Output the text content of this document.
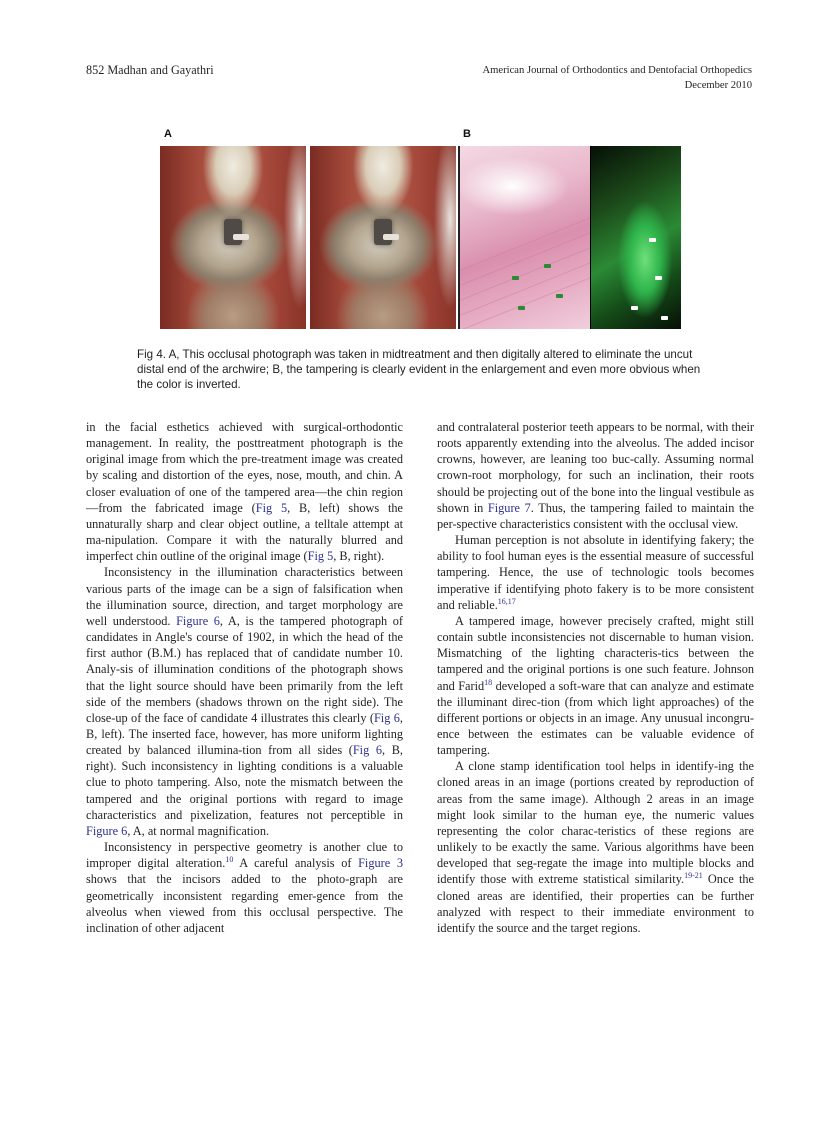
852 Madhan and Gayathri	American Journal of Orthodontics and Dentofacial Orthopedics
December 2010
A	B
Fig 4. A, This occlusal photograph was taken in midtreatment and then digitally altered to eliminate the uncut distal end of the archwire; B, the tampering is clearly evident in the enlargement and even more obvious when the color is inverted.

in the facial esthetics achieved with surgical-orthodontic management. In reality, the posttreatment photograph is the original image from which the pre-treatment image was created by scaling and distortion of the eyes, nose, mouth, and chin. A closer evaluation of one of the tampered area—the chin region—from the fabricated image (Fig 5, B, left) shows the unnaturally sharp and clear object outline, a telltale attempt at ma-nipulation. Compare it with the naturally blurred and imperfect chin outline of the original image (Fig 5, B, right).

Inconsistency in the illumination characteristics between various parts of the image can be a sign of falsification when the illumination source, direction, and target morphology are well understood. Figure 6, A, is the tampered photograph of candidates in Angle's course of 1902, in which the head of the first author (B.M.) has replaced that of candidate number 10. Analy-sis of illumination conditions of the photograph shows that the light source should have been primarily from the left side of the members (shadows thrown on the right side). The close-up of the face of candidate 4 illustrates this clearly (Fig 6, B, left). The inserted face, however, has more uniform lighting created by balanced illumina-tion from all sides (Fig 6, B, right). Such inconsistency in lighting conditions is a valuable clue to photo tampering. Also, note the mismatch between the tampered and the original portions with regard to image characteristics and pixelization, features not perceptible in Figure 6, A, at normal magnification.

Inconsistency in perspective geometry is another clue to improper digital alteration.$^{10}$ A careful analysis of Figure 3 shows that the incisors added to the photo-graph are geometrically inconsistent regarding emer-gence from the alveolus when viewed from this occlusal perspective. The inclination of other adjacent

and contralateral posterior teeth appears to be normal, with their roots apparently extending into the alveolus. The added incisor crowns, however, are leaning too buc-cally. Assuming normal crown-root morphology, for such an inclination, their roots should be projecting out of the bone into the lingual vestibule as shown in Figure 7. Thus, the tampering failed to maintain the per-spective characteristics consistent with the occlusal view.

Human perception is not absolute in identifying fakery; the ability to fool human eyes is the essential measure of successful tampering. Hence, the use of technologic tools becomes imperative if identifying photo fakery is to be more consistent and reliable.$^{16,17}$

A tampered image, however precisely crafted, might still contain subtle inconsistencies not discernable to human vision. Mismatching of the lighting characteris-tics between the tampered and the original portions is one such feature. Johnson and Farid$^{18}$ developed a soft-ware that can analyze and estimate the illuminant direc-tion (from which light approaches) of the different portions or objects in an image. Any unusual incongru-ence between the estimates can be valuable evidence of tampering.

A clone stamp identification tool helps in identify-ing the cloned areas in an image (portions created by reproduction of areas from the same image). Although 2 areas in an image might look similar to the human eye, the numeric values representing the color charac-teristics of these regions are unlikely to be exactly the same. Various algorithms have been developed that seg-regate the image into multiple blocks and identify those with extreme statistical similarity.$^{19-21}$ Once the cloned areas are identified, their properties can be further analyzed with respect to their immediate environment to identify the source and the target regions.
